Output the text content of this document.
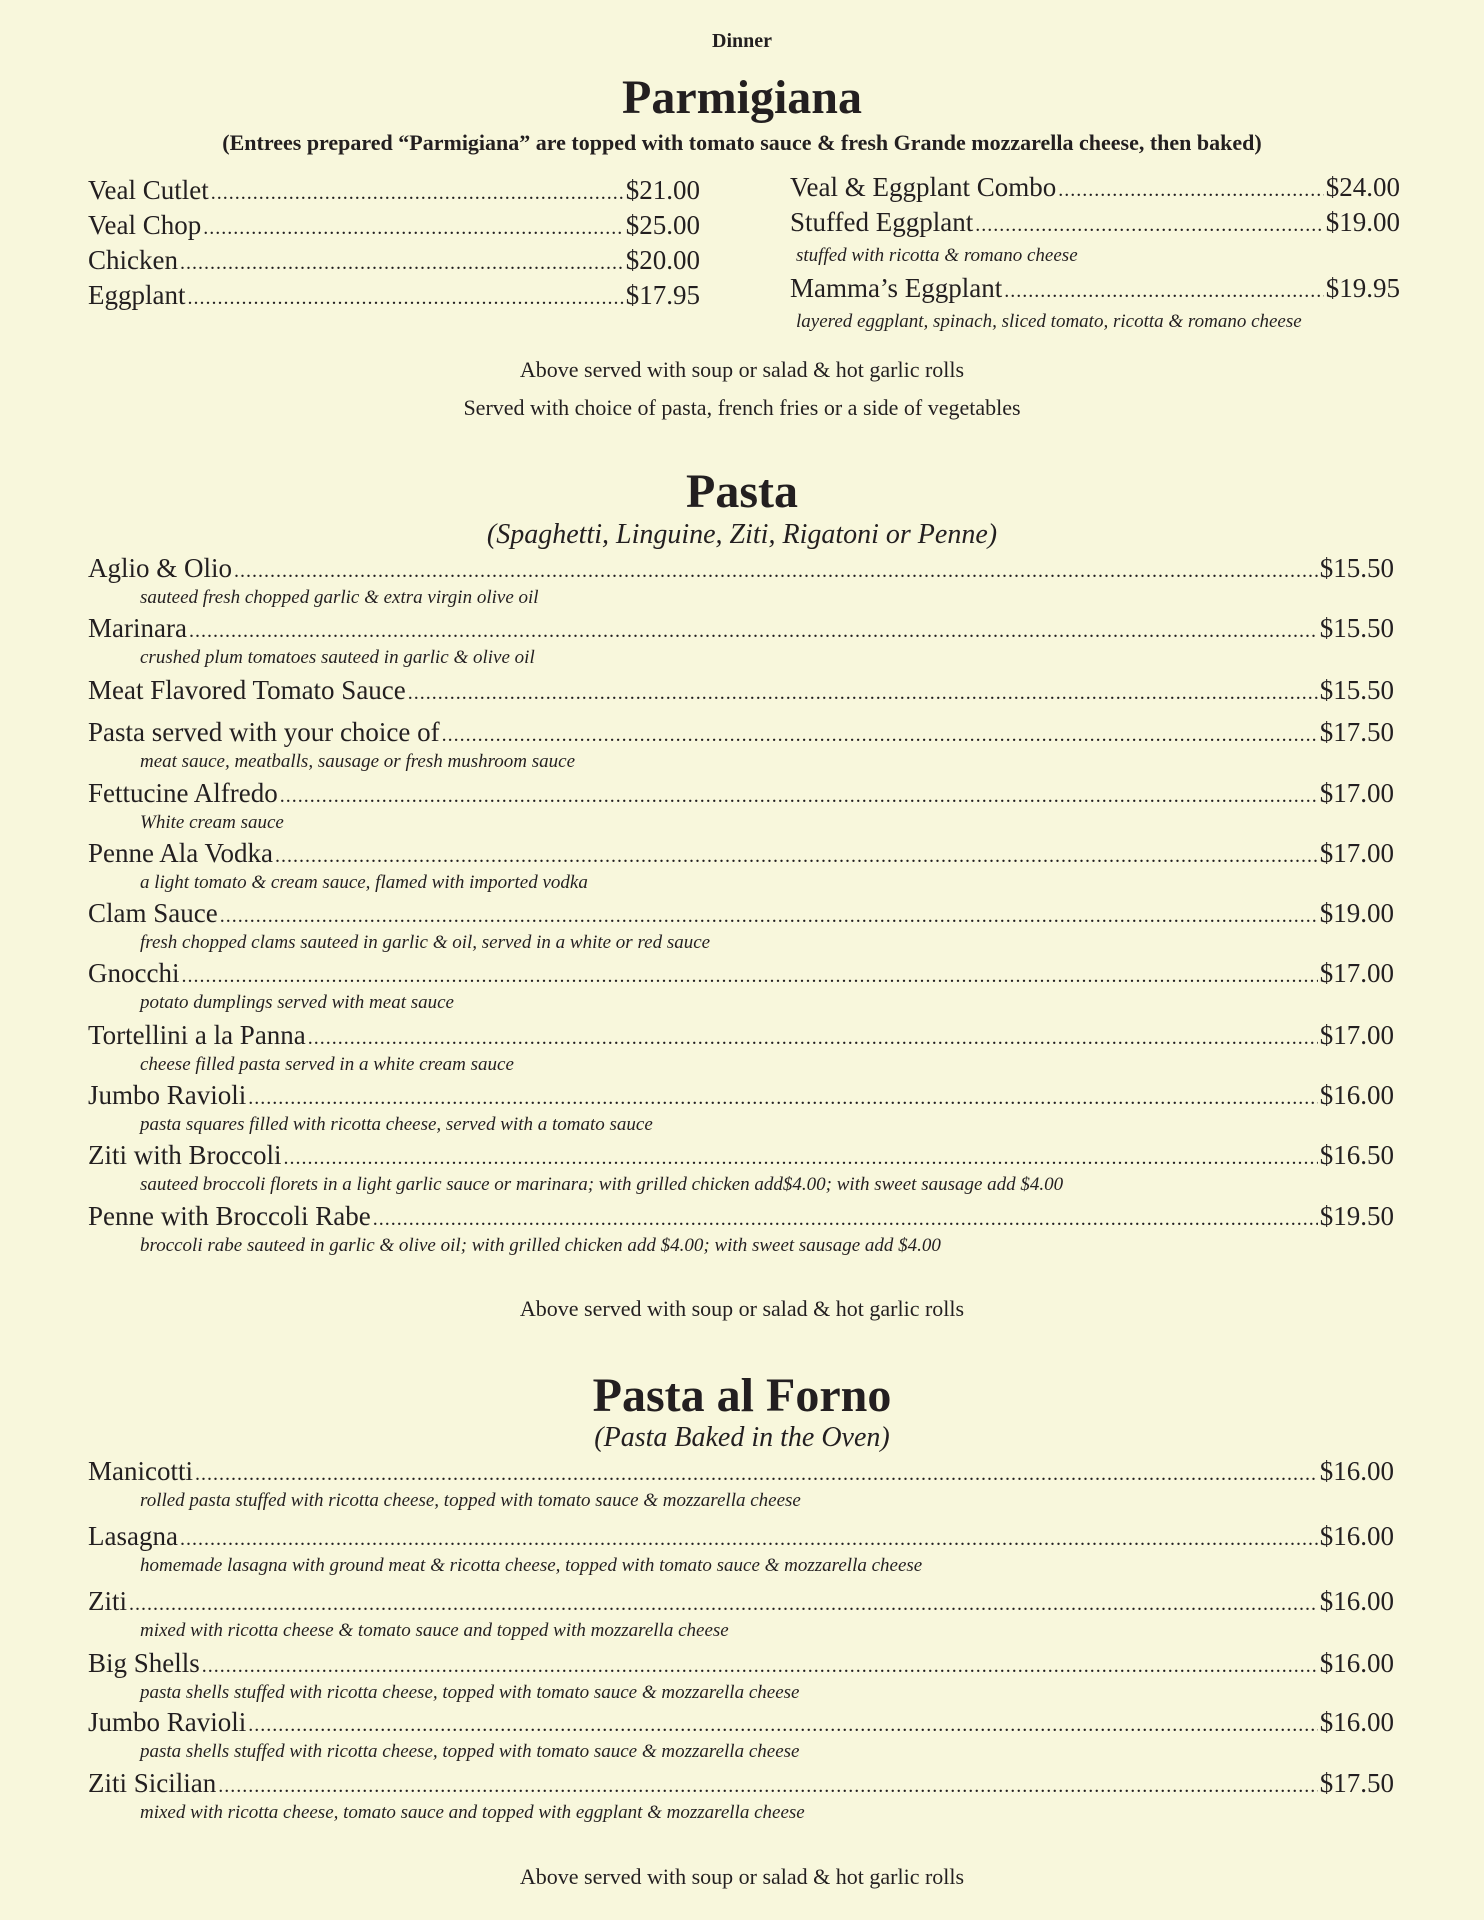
Dinner
Parmigiana
(Entrees prepared “Parmigiana” are topped with tomato sauce & fresh Grande mozzarella cheese, then baked)
Veal Cutlet .....	$21.00
Veal Chop .....	$25.00
Chicken .....	$20.00
Eggplant .....	$17.95
Veal & Eggplant Combo .....	$24.00
Stuffed Eggplant .....	$19.00
stuffed with ricotta & romano cheese
Mamma’s Eggplant .....	$19.95
layered eggplant, spinach, sliced tomato, ricotta & romano cheese
Above served with soup or salad & hot garlic rolls
Served with choice of pasta, french fries or a side of vegetables
Pasta
(Spaghetti, Linguine, Ziti, Rigatoni or Penne)
Aglio & Olio .....	$15.50
sauteed fresh chopped garlic & extra virgin olive oil
Marinara .....	$15.50
crushed plum tomatoes sauteed in garlic & olive oil
Meat Flavored Tomato Sauce .....	$15.50
Pasta served with your choice of .....	$17.50
meat sauce, meatballs, sausage or fresh mushroom sauce
Fettucine Alfredo .....	$17.00
White cream sauce
Penne Ala Vodka .....	$17.00
a light tomato & cream sauce, flamed with imported vodka
Clam Sauce .....	$19.00
fresh chopped clams sauteed in garlic & oil, served in a white or red sauce
Gnocchi .....	$17.00
potato dumplings served with meat sauce
Tortellini a la Panna .....	$17.00
cheese filled pasta served in a white cream sauce
Jumbo Ravioli .....	$16.00
pasta squares filled with ricotta cheese, served with a tomato sauce
Ziti with Broccoli .....	$16.50
sauteed broccoli florets in a light garlic sauce or marinara; with grilled chicken add$4.00; with sweet sausage add $4.00
Penne with Broccoli Rabe .....	$19.50
broccoli rabe sauteed in garlic & olive oil; with grilled chicken add $4.00; with sweet sausage add $4.00
Above served with soup or salad & hot garlic rolls
Pasta al Forno
(Pasta Baked in the Oven)
Manicotti .....	$16.00
rolled pasta stuffed with ricotta cheese, topped with tomato sauce & mozzarella cheese
Lasagna .....	$16.00
homemade lasagna with ground meat & ricotta cheese, topped with tomato sauce & mozzarella cheese
Ziti .....	$16.00
mixed with ricotta cheese & tomato sauce and topped with mozzarella cheese
Big Shells .....	$16.00
pasta shells stuffed with ricotta cheese, topped with tomato sauce & mozzarella cheese
Jumbo Ravioli .....	$16.00
pasta shells stuffed with ricotta cheese, topped with tomato sauce & mozzarella cheese
Ziti Sicilian .....	$17.50
mixed with ricotta cheese, tomato sauce and topped with eggplant & mozzarella cheese
Above served with soup or salad & hot garlic rolls
